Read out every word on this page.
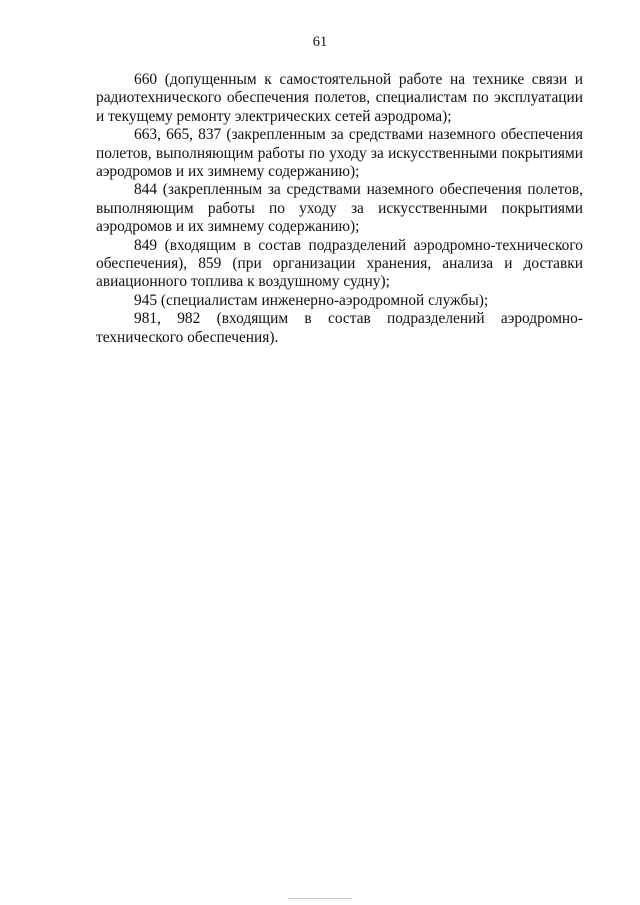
61

660 (допущенным к самостоятельной работе на технике связи и радиотехнического обеспечения полетов, специалистам по эксплуатации и текущему ремонту электрических сетей аэродрома);

663, 665, 837 (закрепленным за средствами наземного обеспечения полетов, выполняющим работы по уходу за искусственными покрытиями аэродромов и их зимнему содержанию);

844 (закрепленным за средствами наземного обеспечения полетов, выполняющим работы по уходу за искусственными покрытиями аэродромов и их зимнему содержанию);

849 (входящим в состав подразделений аэродромно-технического обеспечения), 859 (при организации хранения, анализа и доставки авиационного топлива к воздушному судну);

945 (специалистам инженерно-аэродромной службы);

981, 982 (входящим в состав подразделений аэродромно-технического обеспечения).
